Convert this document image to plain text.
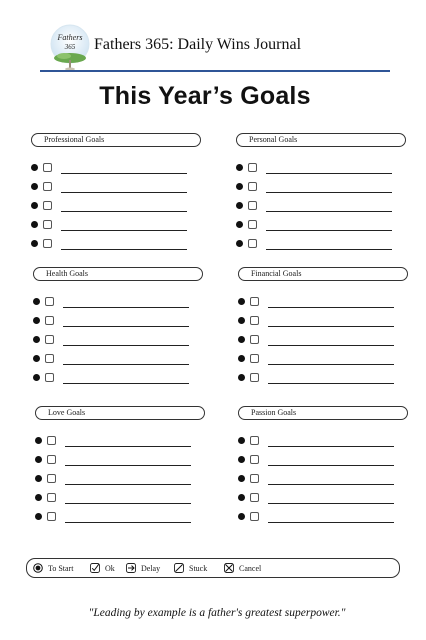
Fathers
365 Fathers 365: Daily Wins Journal
This Year’s Goals
Professional Goals	Personal Goals
Health Goals	Financial Goals
Love Goals	Passion Goals
To Start	Ok	Delay	Stuck	Cancel
"Leading by example is a father's greatest superpower."
